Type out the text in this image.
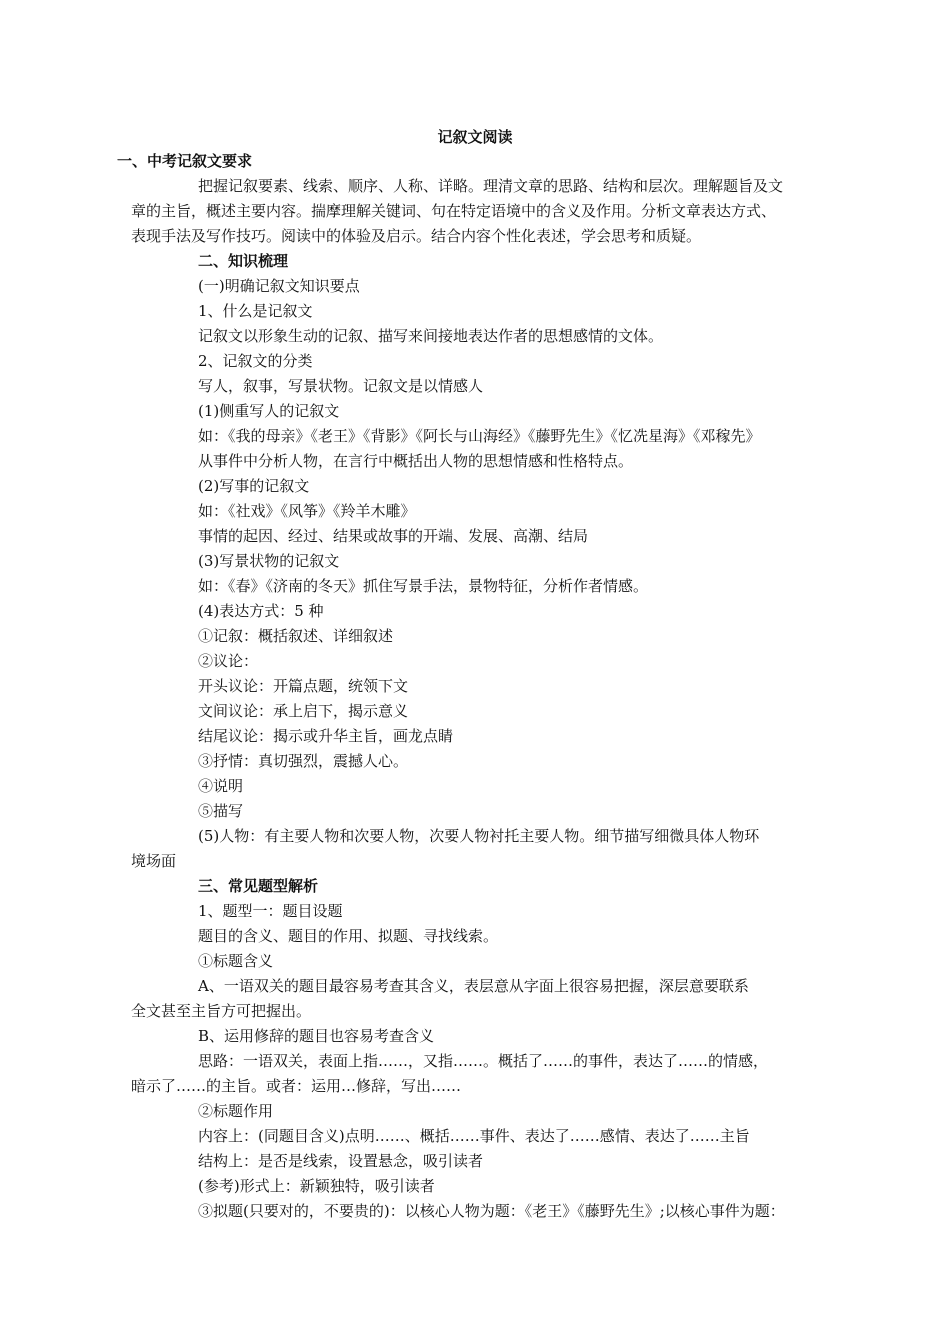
记叙文阅读
一、中考记叙文要求
把握记叙要素、线索、顺序、人称、详略。理清文章的思路、结构和层次。理解题旨及文
章的主旨，概述主要内容。揣摩理解关键词、句在特定语境中的含义及作用。分析文章表达方式、
表现手法及写作技巧。阅读中的体验及启示。结合内容个性化表述，学会思考和质疑。
二、知识梳理
(一)明确记叙文知识要点
1、什么是记叙文
记叙文以形象生动的记叙、描写来间接地表达作者的思想感情的文体。
2、记叙文的分类
写人，叙事，写景状物。记叙文是以情感人
(1)侧重写人的记叙文
如：《我的母亲》《老王》《背影》《阿长与山海经》《藤野先生》《忆冼星海》《邓稼先》
从事件中分析人物，在言行中概括出人物的思想情感和性格特点。
(2)写事的记叙文
如：《社戏》《风筝》《羚羊木雕》
事情的起因、经过、结果或故事的开端、发展、高潮、结局
(3)写景状物的记叙文
如：《春》《济南的冬天》抓住写景手法，景物特征，分析作者情感。
(4)表达方式：5 种
①记叙：概括叙述、详细叙述
②议论：
开头议论：开篇点题，统领下文
文间议论：承上启下，揭示意义
结尾议论：揭示或升华主旨，画龙点睛
③抒情：真切强烈，震撼人心。
④说明
⑤描写
(5)人物：有主要人物和次要人物，次要人物衬托主要人物。细节描写细微具体人物环
境场面
三、常见题型解析
1、题型一：题目设题
题目的含义、题目的作用、拟题、寻找线索。
①标题含义
A、一语双关的题目最容易考查其含义，表层意从字面上很容易把握，深层意要联系
全文甚至主旨方可把握出。
B、运用修辞的题目也容易考查含义
思路：一语双关，表面上指……，又指……。概括了……的事件，表达了……的情感，
暗示了……的主旨。或者：运用…修辞，写出……
②标题作用
内容上：(同题目含义)点明……、概括……事件、表达了……感情、表达了……主旨
结构上：是否是线索，设置悬念，吸引读者
(参考)形式上：新颖独特，吸引读者
③拟题(只要对的，不要贵的)：以核心人物为题：《老王》《藤野先生》;以核心事件为题：
